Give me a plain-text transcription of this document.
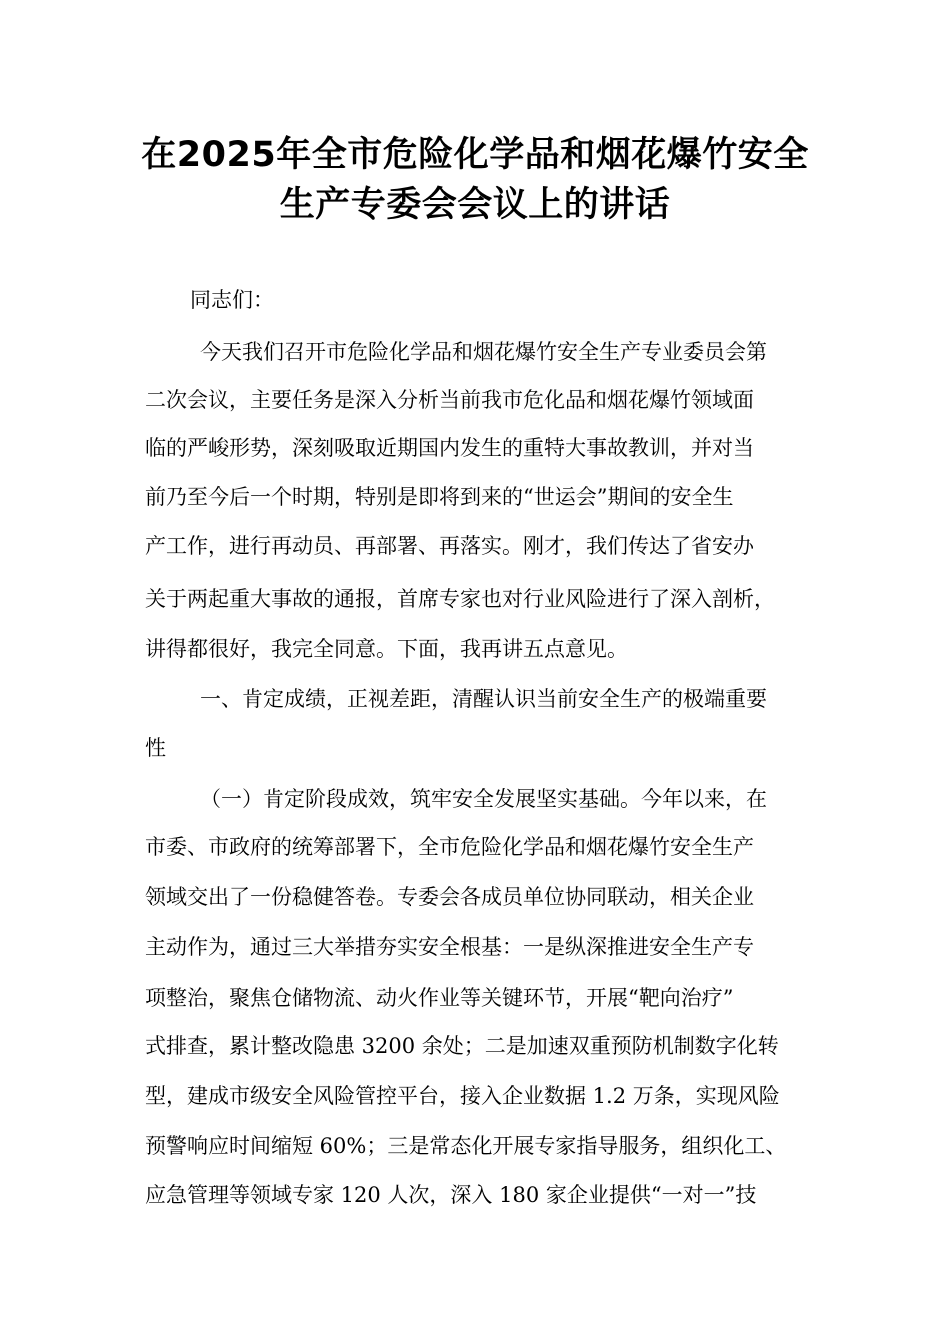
在2025年全市危险化学品和烟花爆竹安全
生产专委会会议上的讲话

同志们：

今天我们召开市危险化学品和烟花爆竹安全生产专业委员会第

二次会议，主要任务是深入分析当前我市危化品和烟花爆竹领域面

临的严峻形势，深刻吸取近期国内发生的重特大事故教训，并对当

前乃至今后一个时期，特别是即将到来的“世运会”期间的安全生

产工作，进行再动员、再部署、再落实。刚才，我们传达了省安办

关于两起重大事故的通报，首席专家也对行业风险进行了深入剖析，

讲得都很好，我完全同意。下面，我再讲五点意见。

一、肯定成绩，正视差距，清醒认识当前安全生产的极端重要

性

（一）肯定阶段成效，筑牢安全发展坚实基础。今年以来，在

市委、市政府的统筹部署下，全市危险化学品和烟花爆竹安全生产

领域交出了一份稳健答卷。专委会各成员单位协同联动，相关企业

主动作为，通过三大举措夯实安全根基：一是纵深推进安全生产专

项整治，聚焦仓储物流、动火作业等关键环节，开展“靶向治疗”

式排查，累计整改隐患 3200 余处；二是加速双重预防机制数字化转

型，建成市级安全风险管控平台，接入企业数据 1.2 万条，实现风险

预警响应时间缩短 60%；三是常态化开展专家指导服务，组织化工、

应急管理等领域专家 120 人次，深入 180 家企业提供“一对一”技
